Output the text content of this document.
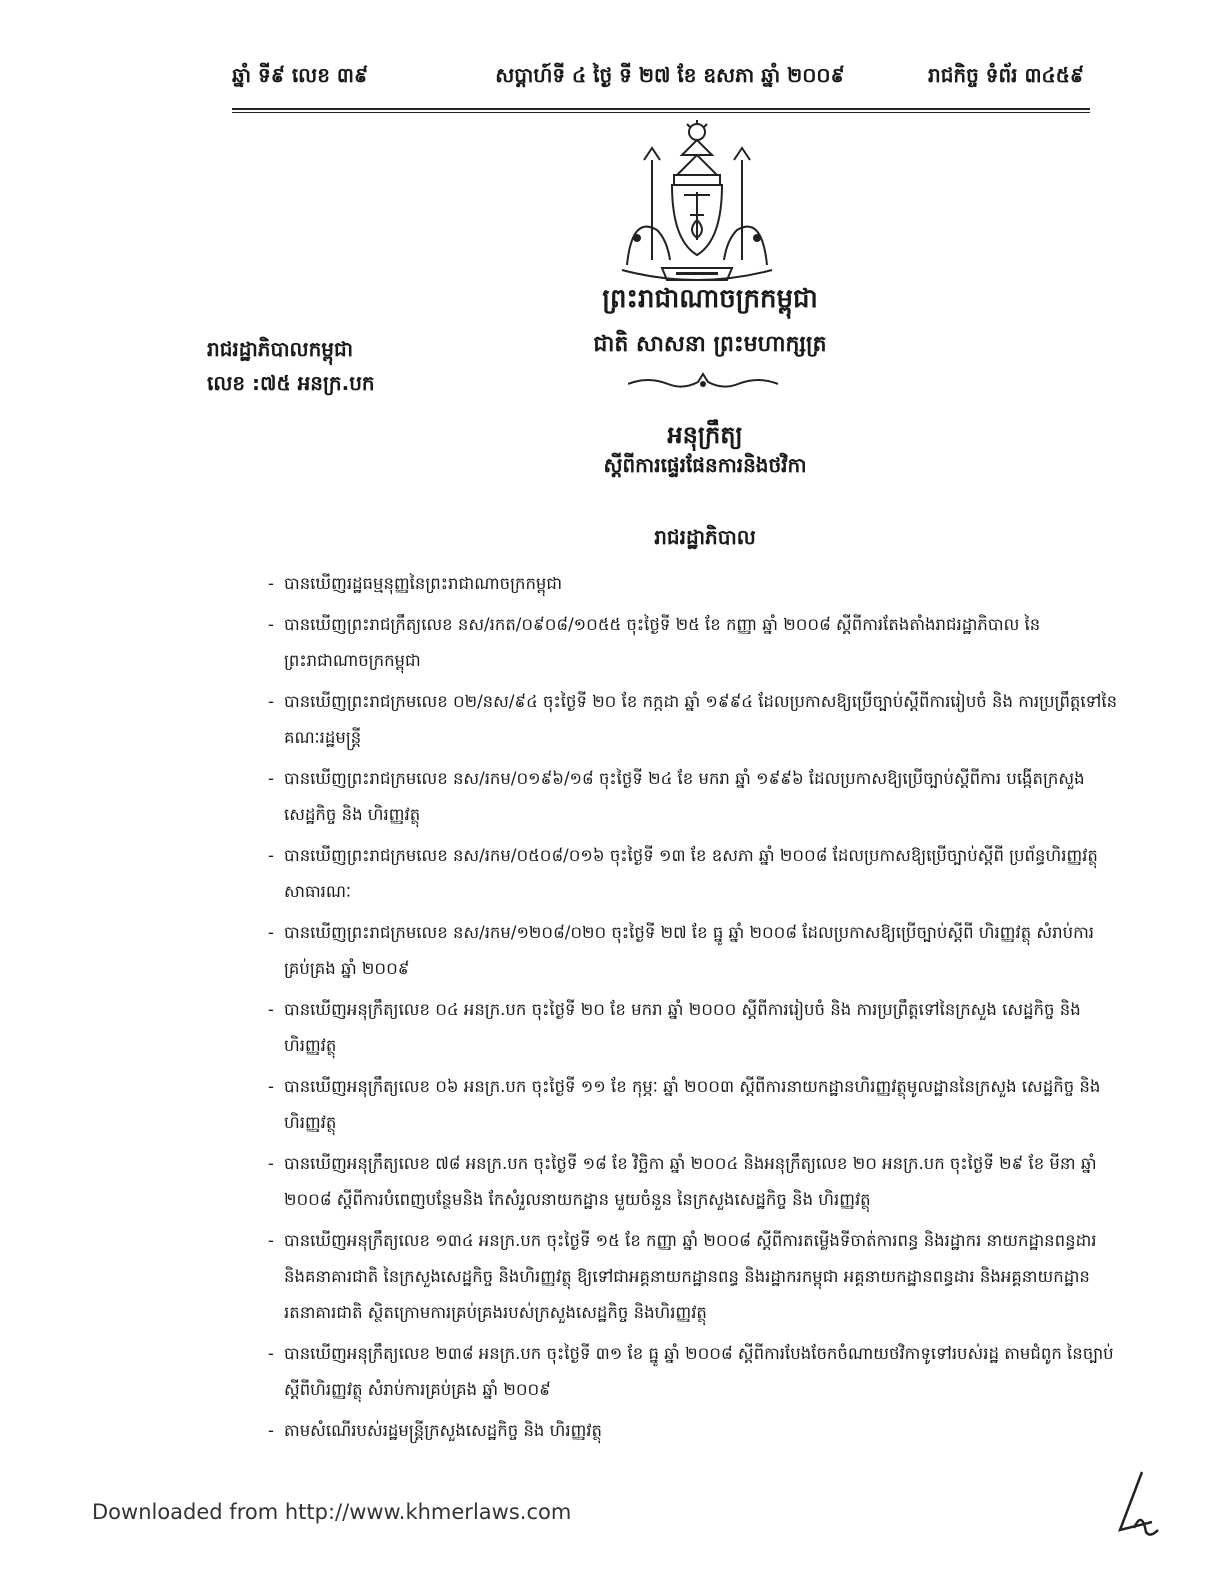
ឆ្នាំ ទី៩ លេខ ៣៩	សប្តាហ៍ទី ៤ ថ្ងៃ ទី ២៧ ខែ ឧសភា ឆ្នាំ ២០០៩	រាជកិច្ច ទំព័រ ៣៤៥៩
ព្រះរាជាណាចក្រកម្ពុជា
ជាតិ សាសនា ព្រះមហាក្សត្រ
រាជរដ្ឋាភិបាលកម្ពុជា
លេខ :៧៥ អនក្រ.បក
អនុក្រឹត្យ
ស្តីពីការផ្ទេរផែនការនិងថវិកា
រាជរដ្ឋាភិបាល
- បានឃើញរដ្ឋធម្មនុញ្ញនៃព្រះរាជាណាចក្រកម្ពុជា
- បានឃើញព្រះរាជក្រឹត្យលេខ នស/រកត/០៩០៨/១០៥៥ ចុះថ្ងៃទី ២៥ ខែ កញ្ញា ឆ្នាំ ២០០៨ ស្តីពីការតែងតាំងរាជរដ្ឋាភិបាល នៃព្រះរាជាណាចក្រកម្ពុជា
- បានឃើញព្រះរាជក្រមលេខ ០២/នស/៩៤ ចុះថ្ងៃទី ២០ ខែ កក្កដា ឆ្នាំ ១៩៩៤ ដែលប្រកាសឱ្យប្រើច្បាប់ស្តីពីការរៀបចំ និង ការប្រព្រឹត្តទៅនៃគណៈរដ្ឋមន្ត្រី
- បានឃើញព្រះរាជក្រមលេខ នស/រកម/០១៩៦/១៨ ចុះថ្ងៃទី ២៤ ខែ មករា ឆ្នាំ ១៩៩៦ ដែលប្រកាសឱ្យប្រើច្បាប់ស្តីពីការ បង្កើតក្រសួងសេដ្ឋកិច្ច និង ហិរញ្ញវត្ថុ
- បានឃើញព្រះរាជក្រមលេខ នស/រកម/០៥០៨/០១៦ ចុះថ្ងៃទី ១៣ ខែ ឧសភា ឆ្នាំ ២០០៨ ដែលប្រកាសឱ្យប្រើច្បាប់ស្តីពី ប្រព័ន្ធហិរញ្ញវត្ថុសាធារណៈ
- បានឃើញព្រះរាជក្រមលេខ នស/រកម/១២០៨/០២០ ចុះថ្ងៃទី ២៧ ខែ ធ្នូ ឆ្នាំ ២០០៨ ដែលប្រកាសឱ្យប្រើច្បាប់ស្តីពី ហិរញ្ញវត្ថុ សំរាប់ការគ្រប់គ្រង ឆ្នាំ ២០០៩
- បានឃើញអនុក្រឹត្យលេខ ០៤ អនក្រ.បក ចុះថ្ងៃទី ២០ ខែ មករា ឆ្នាំ ២០០០ ស្តីពីការរៀបចំ និង ការប្រព្រឹត្តទៅនៃក្រសួង សេដ្ឋកិច្ច និង ហិរញ្ញវត្ថុ
- បានឃើញអនុក្រឹត្យលេខ ០៦ អនក្រ.បក ចុះថ្ងៃទី ១១ ខែ កុម្ភៈ ឆ្នាំ ២០០៣ ស្តីពីការនាយកដ្ឋានហិរញ្ញវត្ថុមូលដ្ឋាននៃក្រសួង សេដ្ឋកិច្ច និង ហិរញ្ញវត្ថុ
- បានឃើញអនុក្រឹត្យលេខ ៧៨ អនក្រ.បក ចុះថ្ងៃទី ១៨ ខែ វិច្ឆិកា ឆ្នាំ ២០០៤ និងអនុក្រឹត្យលេខ ២០ អនក្រ.បក ចុះថ្ងៃទី ២៩ ខែ មីនា ឆ្នាំ ២០០៨ ស្តីពីការបំពេញបន្ថែមនិង កែសំរួលនាយកដ្ឋាន មួយចំនួន នៃក្រសួងសេដ្ឋកិច្ច និង ហិរញ្ញវត្ថុ
- បានឃើញអនុក្រឹត្យលេខ ១៣៤ អនក្រ.បក ចុះថ្ងៃទី ១៥ ខែ កញ្ញា ឆ្នាំ ២០០៨ ស្តីពីការតម្លើងទីចាត់ការពន្ធ និងរដ្ឋាករ នាយកដ្ឋានពន្ធដារ និងគនាគារជាតិ នៃក្រសួងសេដ្ឋកិច្ច និងហិរញ្ញវត្ថុ ឱ្យទៅជាអគ្គនាយកដ្ឋានពន្ធ និងរដ្ឋាករកម្ពុជា អគ្គនាយកដ្ឋានពន្ធដារ និងអគ្គនាយកដ្ឋានរតនាគារជាតិ ស្ថិតក្រោមការគ្រប់គ្រងរបស់ក្រសួងសេដ្ឋកិច្ច និងហិរញ្ញវត្ថុ
- បានឃើញអនុក្រឹត្យលេខ ២៣៨ អនក្រ.បក ចុះថ្ងៃទី ៣១ ខែ ធ្នូ ឆ្នាំ ២០០៨ ស្តីពីការបែងចែកចំណាយថវិកាទូទៅរបស់រដ្ឋ តាមជំពូក នៃច្បាប់ស្តីពីហិរញ្ញវត្ថុ សំរាប់ការគ្រប់គ្រង ឆ្នាំ ២០០៩
- តាមសំណើរបស់រដ្ឋមន្ត្រីក្រសួងសេដ្ឋកិច្ច និង ហិរញ្ញវត្ថុ
Downloaded from http://www.khmerlaws.com
